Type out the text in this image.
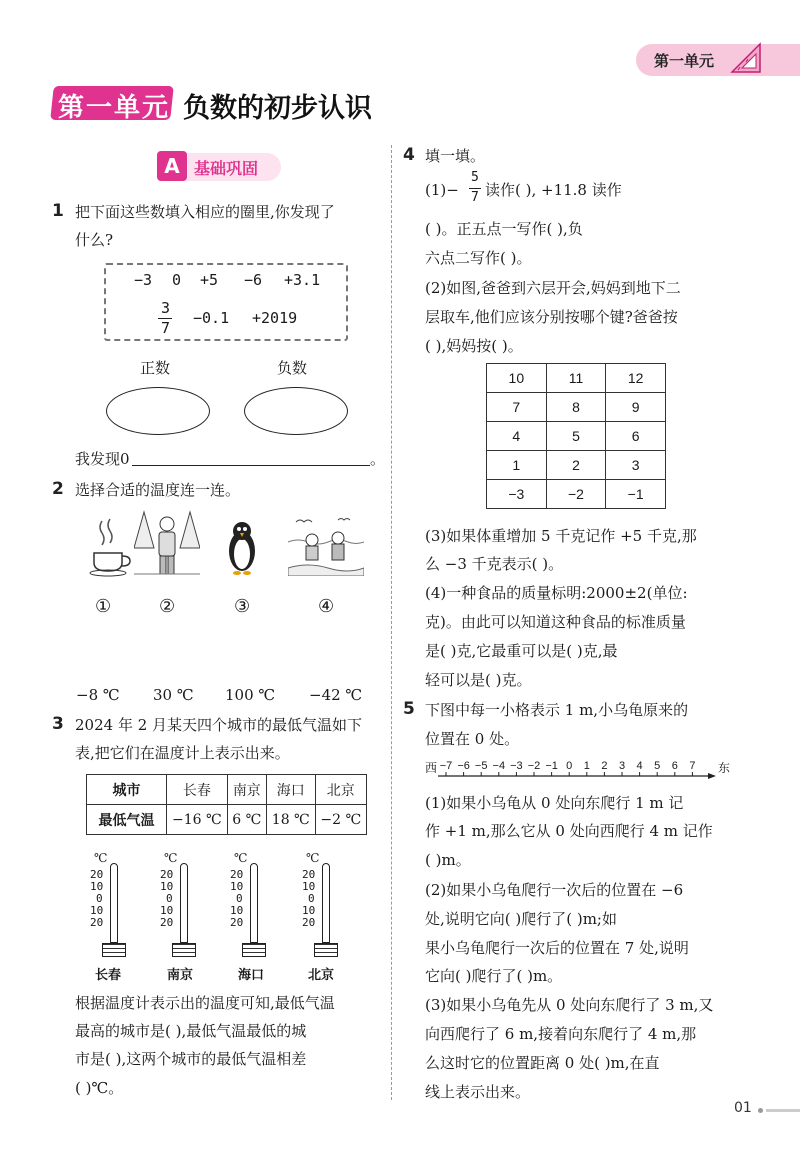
第一单元
第一单元 负数的初步认识
A 基础巩固
1 把下面这些数填入相应的圈里,你发现了
什么?
−3 0 +5 −6 +3.1
3
7
−0.1 +2019
正数	负数
我发现0	。
2 选择合适的温度连一连。
①	②	③	④
−8 ℃ 30 ℃ 100 ℃ −42 ℃
3 2024 年 2 月某天四个城市的最低气温如下
表,把它们在温度计上表示出来。
城市	长春	南京	海口	北京
最低气温	−16 ℃	6 ℃	18 ℃	−2 ℃
℃
20
10
0
10
20
℃
20
10
0
10
20
℃
20
10
0
10
20
℃
20
10
0
10
20
长春	南京	海口	北京
根据温度计表示出的温度可知,最低气温
最高的城市是( ),最低气温最低的城
市是( ),这两个城市的最低气温相差
( )℃。
4 填一填。
(1)−
5
7 读作( ), +11.8 读作
( )。正五点一写作( ),负
六点二写作( )。
(2)如图,爸爸到六层开会,妈妈到地下二
层取车,他们应该分别按哪个键?爸爸按
( ),妈妈按( )。
10	11	12
7	8	9
4	5	6
1	2	3
−3	−2	−1
(3)如果体重增加 5 千克记作 +5 千克,那
么 −3 千克表示( )。
(4)一种食品的质量标明:2000±2(单位:
克)。由此可以知道这种食品的标准质量
是( )克,它最重可以是( )克,最
轻可以是( )克。
5 下图中每一小格表示 1 m,小乌龟原来的
位置在 0 处。
西	东
−7 −6 −5 −4 −3 −2 −1 0 1 2 3 4 5 6 7
(1)如果小乌龟从 0 处向东爬行 1 m 记
作 +1 m,那么它从 0 处向西爬行 4 m 记作
( )m。
(2)如果小乌龟爬行一次后的位置在 −6
处,说明它向( )爬行了( )m;如
果小乌龟爬行一次后的位置在 7 处,说明
它向( )爬行了( )m。
(3)如果小乌龟先从 0 处向东爬行了 3 m,又
向西爬行了 6 m,接着向东爬行了 4 m,那
么这时它的位置距离 0 处( )m,在直
线上表示出来。
01
